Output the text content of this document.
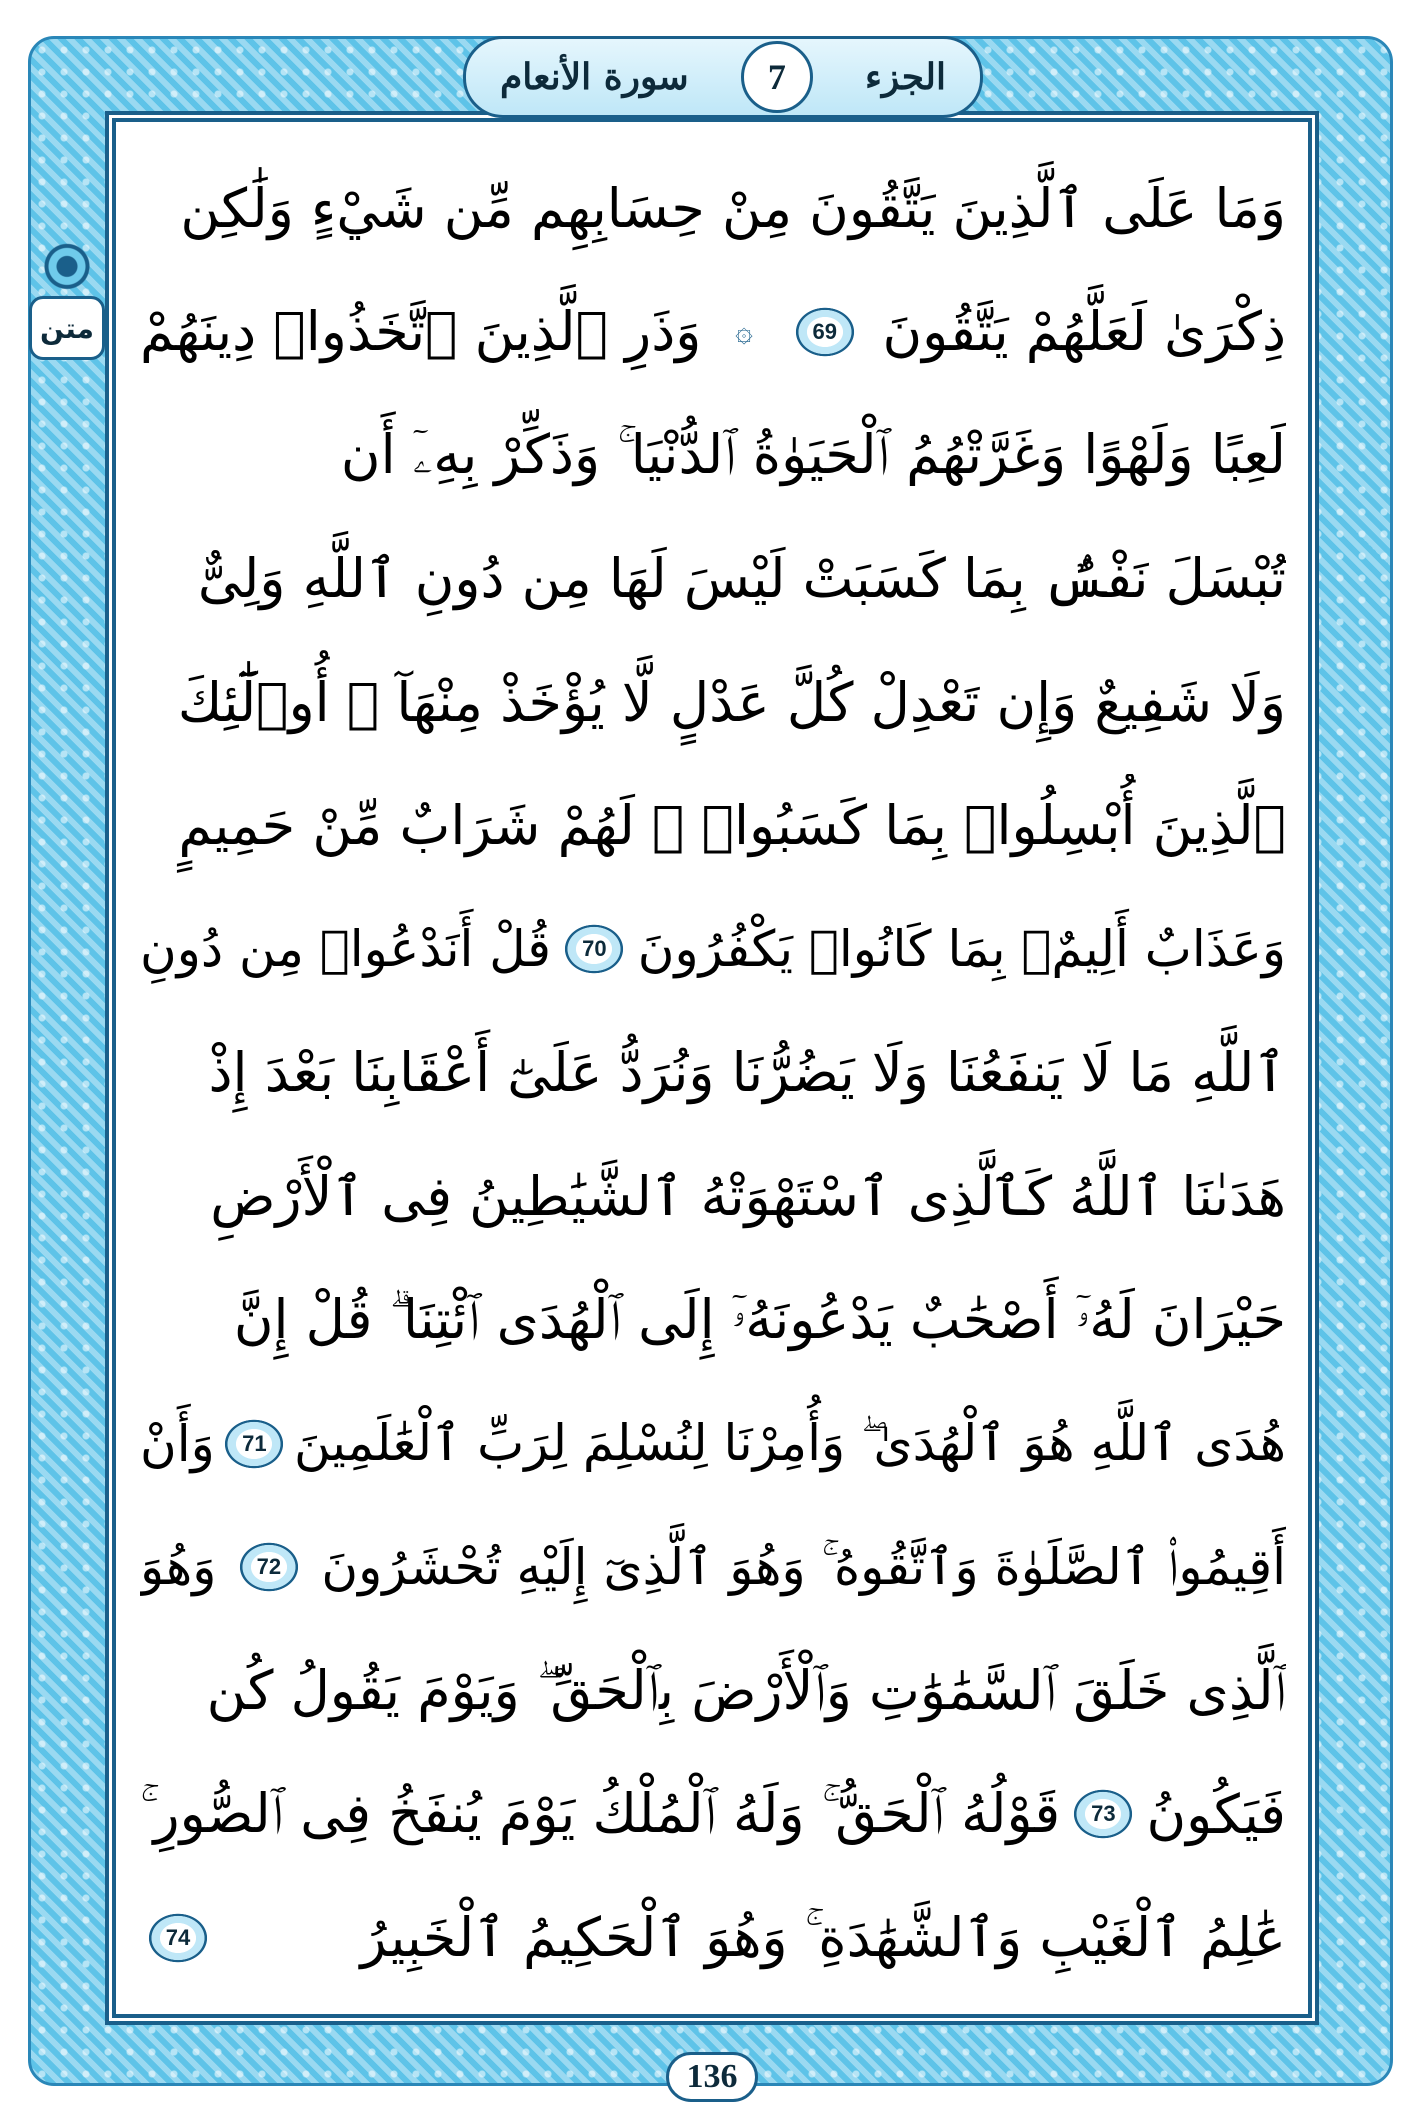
الجزء
7
سورة الأنعام
متن
وَمَا عَلَى ٱلَّذِينَ يَتَّقُونَ مِنْ حِسَابِهِم مِّن شَيْءٍ وَلَٰكِن
ذِكْرَىٰ لَعَلَّهُمْ يَتَّقُونَ
69
۞
وَذَرِ ٱلَّذِينَ ٱتَّخَذُوا۟ دِينَهُمْ
لَعِبًا وَلَهْوًا وَغَرَّتْهُمُ ٱلْحَيَوٰةُ ٱلدُّنْيَا ۚ وَذَكِّرْ بِهِۦٓ أَن
تُبْسَلَ نَفْسٌۢ بِمَا كَسَبَتْ لَيْسَ لَهَا مِن دُونِ ٱللَّهِ وَلِىٌّ
وَلَا شَفِيعٌ وَإِن تَعْدِلْ كُلَّ عَدْلٍ لَّا يُؤْخَذْ مِنْهَآ ۗ أُو۟لَٰٓئِكَ
ٱلَّذِينَ أُبْسِلُوا۟ بِمَا كَسَبُوا۟ ۖ لَهُمْ شَرَابٌ مِّنْ حَمِيمٍ
وَعَذَابٌ أَلِيمٌۢ بِمَا كَانُوا۟ يَكْفُرُونَ
70
قُلْ أَنَدْعُوا۟ مِن دُونِ
ٱللَّهِ مَا لَا يَنفَعُنَا وَلَا يَضُرُّنَا وَنُرَدُّ عَلَىٰٓ أَعْقَابِنَا بَعْدَ إِذْ
هَدَىٰنَا ٱللَّهُ كَٱلَّذِى ٱسْتَهْوَتْهُ ٱلشَّيَٰطِينُ فِى ٱلْأَرْضِ
حَيْرَانَ لَهُۥٓ أَصْحَٰبٌ يَدْعُونَهُۥٓ إِلَى ٱلْهُدَى ٱئْتِنَا ۗ قُلْ إِنَّ
هُدَى ٱللَّهِ هُوَ ٱلْهُدَىٰ ۖ وَأُمِرْنَا لِنُسْلِمَ لِرَبِّ ٱلْعَٰلَمِينَ
71
وَأَنْ
أَقِيمُوا۟ ٱلصَّلَوٰةَ وَٱتَّقُوهُ ۚ وَهُوَ ٱلَّذِىٓ إِلَيْهِ تُحْشَرُونَ
72
وَهُوَ
ٱلَّذِى خَلَقَ ٱلسَّمَٰوَٰتِ وَٱلْأَرْضَ بِٱلْحَقِّ ۖ وَيَوْمَ يَقُولُ كُن
فَيَكُونُ
73
قَوْلُهُ ٱلْحَقُّ ۚ وَلَهُ ٱلْمُلْكُ يَوْمَ يُنفَخُ فِى ٱلصُّورِ ۚ
عَٰلِمُ ٱلْغَيْبِ وَٱلشَّهَٰدَةِ ۚ وَهُوَ ٱلْحَكِيمُ ٱلْخَبِيرُ
74
136
